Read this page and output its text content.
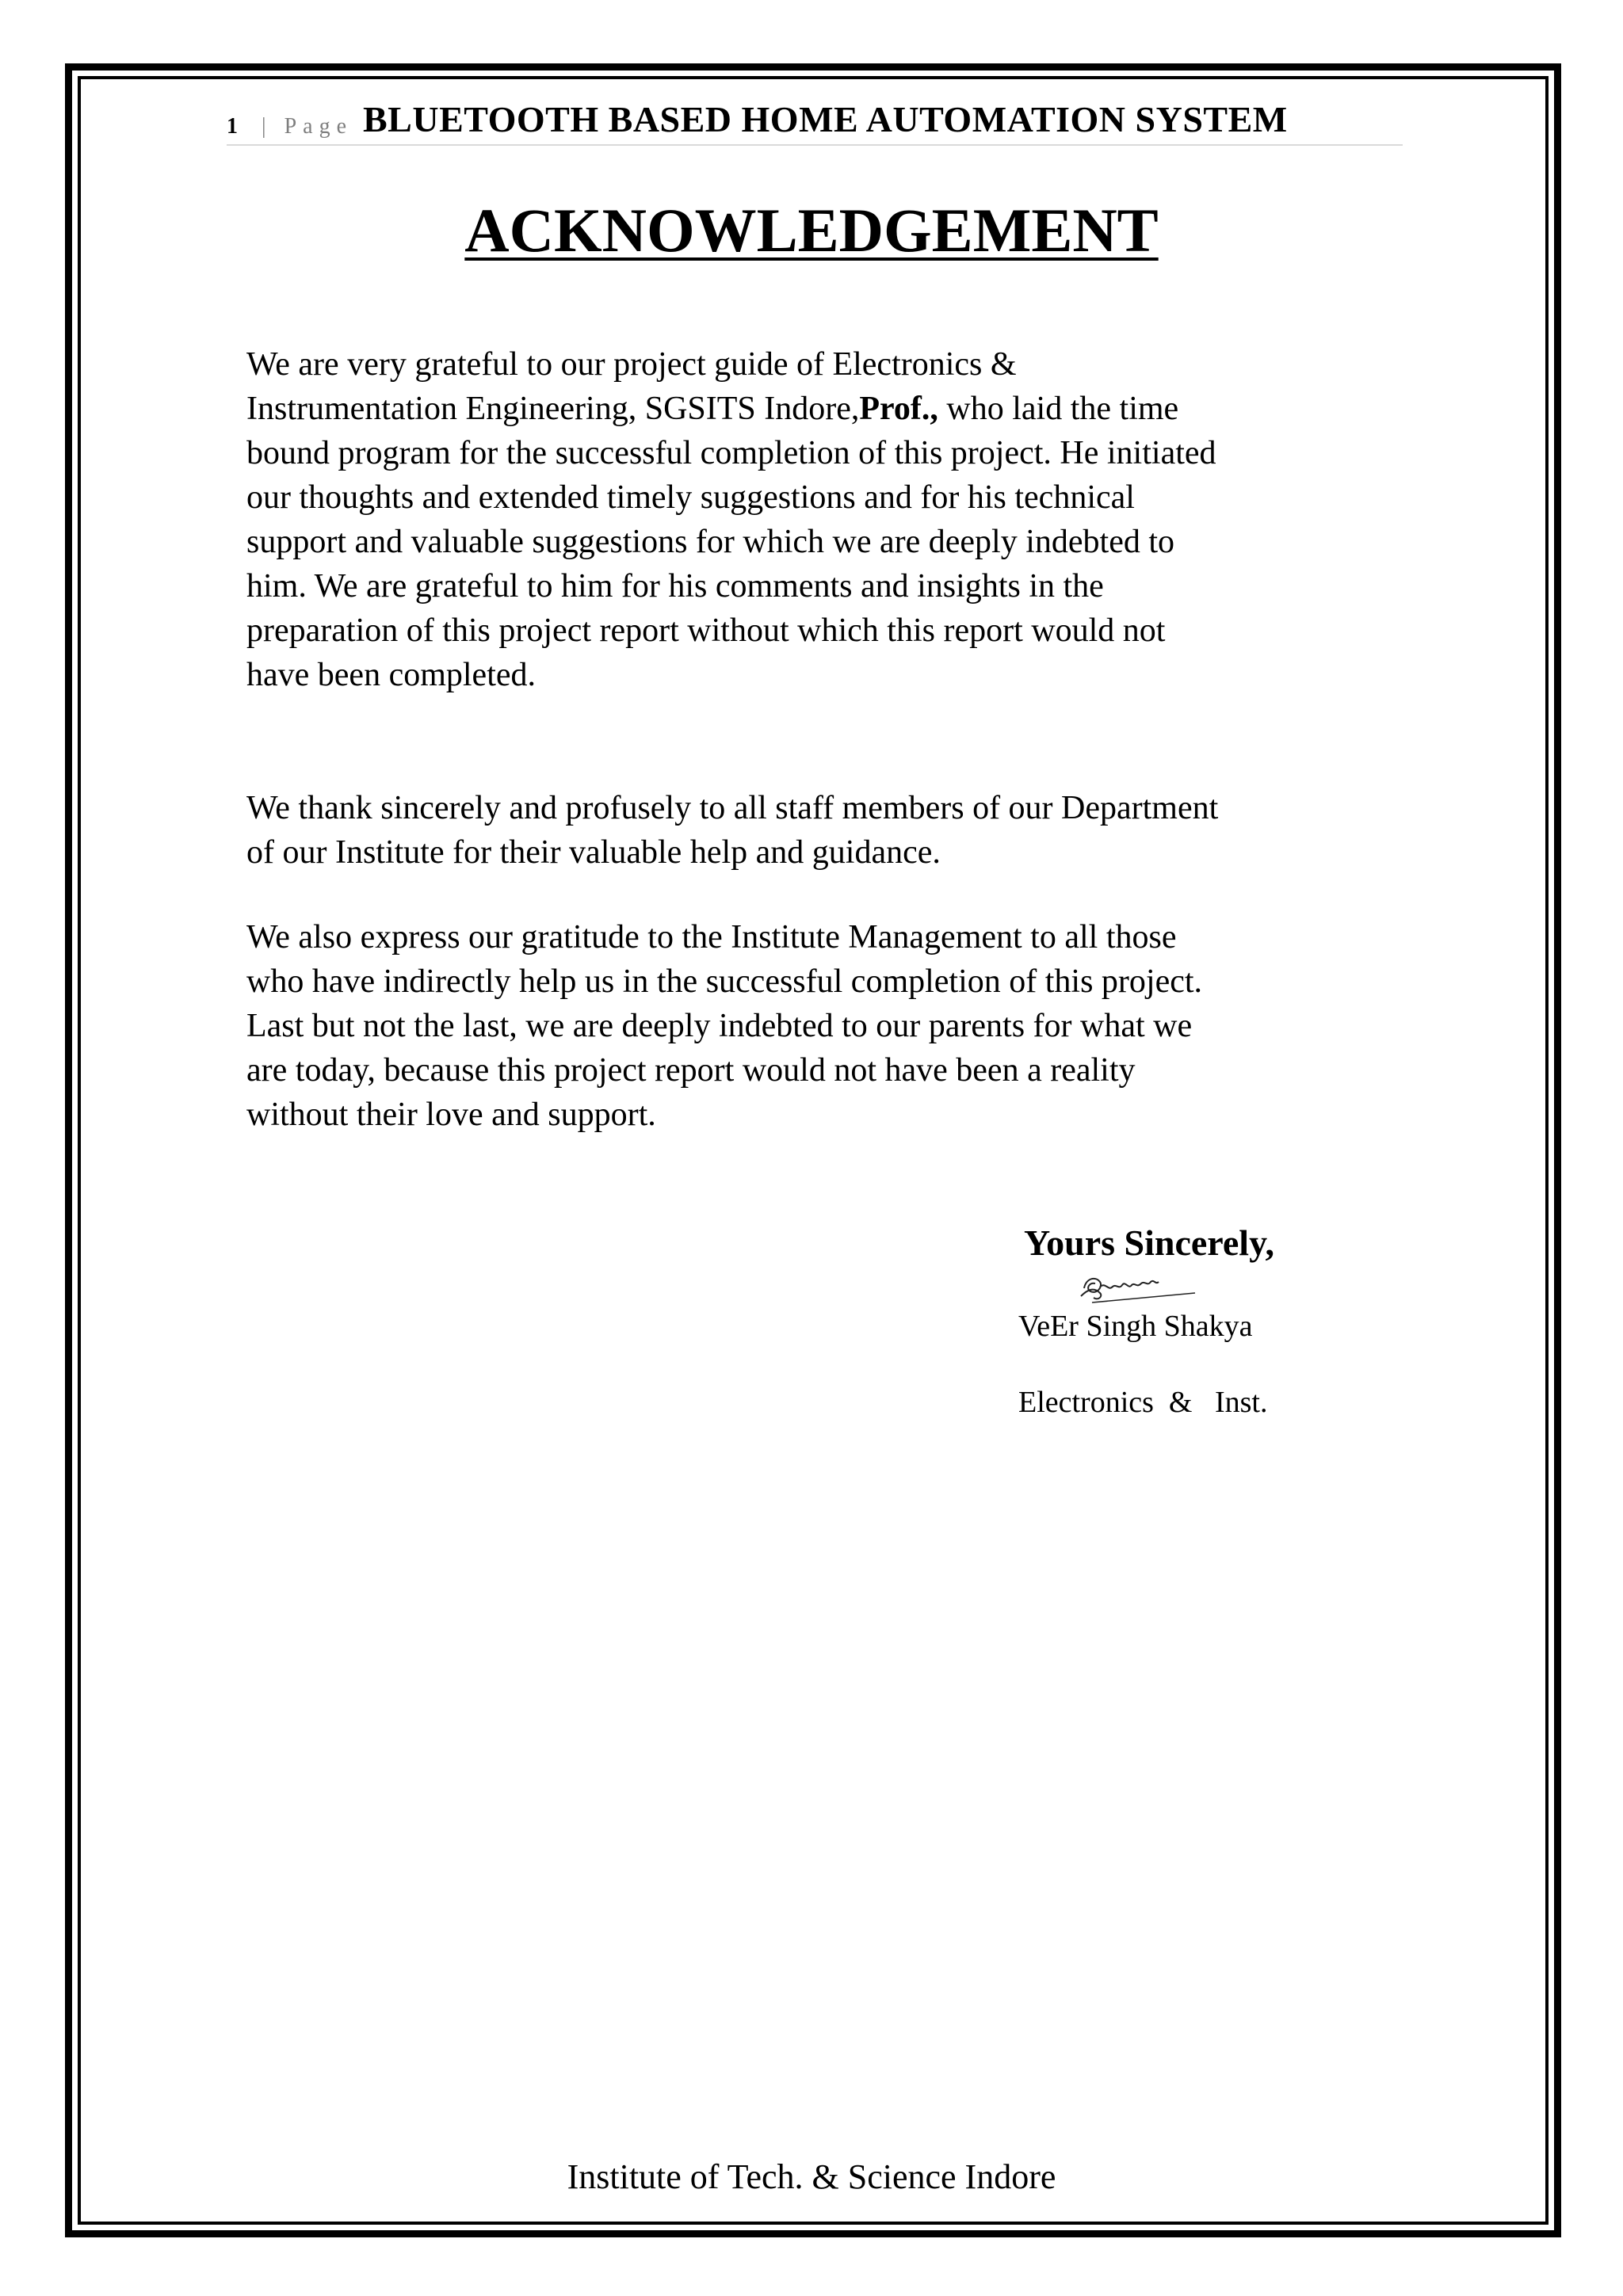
1 | Page BLUETOOTH BASED HOME AUTOMATION SYSTEM
ACKNOWLEDGEMENT

We are very grateful to our project guide of Electronics &
Instrumentation Engineering, SGSITS Indore,Prof., who laid the time
bound program for the successful completion of this project. He initiated
our thoughts and extended timely suggestions and for his technical
support and valuable suggestions for which we are deeply indebted to
him. We are grateful to him for his comments and insights in the
preparation of this project report without which this report would not
have been completed.

We thank sincerely and profusely to all staff members of our Department
of our Institute for their valuable help and guidance.

We also express our gratitude to the Institute Management to all those
who have indirectly help us in the successful completion of this project.
Last but not the last, we are deeply indebted to our parents for what we
are today, because this project report would not have been a reality
without their love and support.

Yours Sincerely,
VeEr Singh Shakya
Electronics  &   Inst.
Institute of Tech. & Science Indore
